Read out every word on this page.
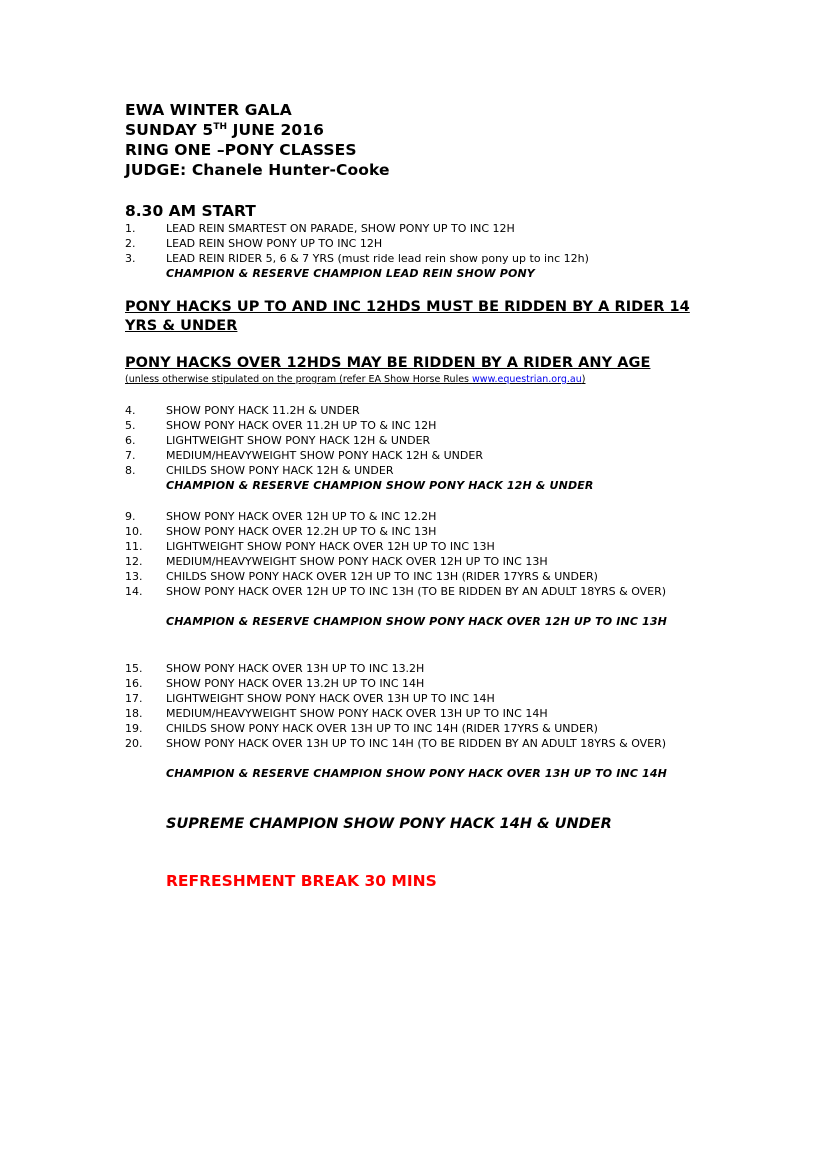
EWA WINTER GALA
SUNDAY 5TH JUNE 2016
RING ONE –PONY CLASSES
JUDGE: Chanele Hunter-Cooke
8.30 AM START
1.	LEAD REIN SMARTEST ON PARADE, SHOW PONY UP TO INC 12H
2.	LEAD REIN SHOW PONY UP TO INC 12H
3.	LEAD REIN RIDER 5, 6 & 7 YRS (must ride lead rein show pony up to inc 12h)
CHAMPION & RESERVE CHAMPION LEAD REIN SHOW PONY
PONY HACKS UP TO AND INC 12HDS MUST BE RIDDEN BY A RIDER 14 YRS & UNDER
PONY HACKS OVER 12HDS MAY BE RIDDEN BY A RIDER ANY AGE
(unless otherwise stipulated on the program (refer EA Show Horse Rules www.equestrian.org.au)
4.	SHOW PONY HACK 11.2H & UNDER
5.	SHOW PONY HACK OVER 11.2H UP TO & INC 12H
6.	LIGHTWEIGHT SHOW PONY HACK 12H & UNDER
7.	MEDIUM/HEAVYWEIGHT SHOW PONY HACK 12H & UNDER
8.	CHILDS SHOW PONY HACK 12H & UNDER
CHAMPION & RESERVE CHAMPION SHOW PONY HACK 12H & UNDER
9.	SHOW PONY HACK OVER 12H UP TO & INC 12.2H
10. SHOW PONY HACK OVER 12.2H UP TO & INC 13H
11. LIGHTWEIGHT SHOW PONY HACK OVER 12H UP TO INC 13H
12. MEDIUM/HEAVYWEIGHT SHOW PONY HACK OVER 12H UP TO INC 13H
13. CHILDS SHOW PONY HACK OVER 12H UP TO INC 13H (RIDER 17YRS & UNDER)
14. SHOW PONY HACK OVER 12H UP TO INC 13H (TO BE RIDDEN BY AN ADULT 18YRS & OVER)
CHAMPION & RESERVE CHAMPION SHOW PONY HACK OVER 12H UP TO INC 13H
15. SHOW PONY HACK OVER 13H UP TO INC 13.2H
16. SHOW PONY HACK OVER 13.2H UP TO INC 14H
17. LIGHTWEIGHT SHOW PONY HACK OVER 13H UP TO INC 14H
18. MEDIUM/HEAVYWEIGHT SHOW PONY HACK OVER 13H UP TO INC 14H
19. CHILDS SHOW PONY HACK OVER 13H UP TO INC 14H (RIDER 17YRS & UNDER)
20. SHOW PONY HACK OVER 13H UP TO INC 14H (TO BE RIDDEN BY AN ADULT 18YRS & OVER)
CHAMPION & RESERVE CHAMPION SHOW PONY HACK OVER 13H UP TO INC 14H
SUPREME CHAMPION SHOW PONY HACK 14H & UNDER
REFRESHMENT BREAK 30 MINS
